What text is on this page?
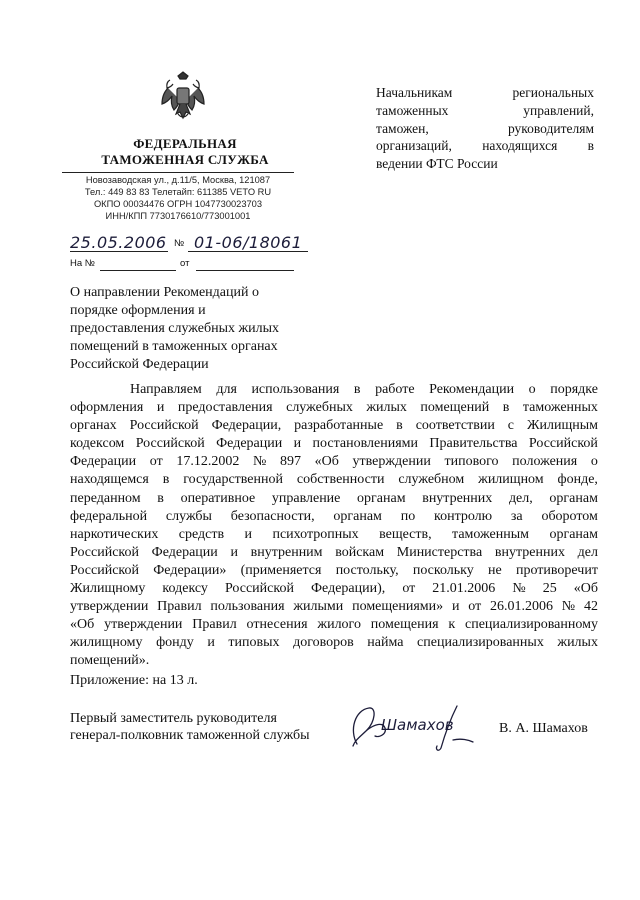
ФЕДЕРАЛЬНАЯ
ТАМОЖЕННАЯ СЛУЖБА
Новозаводская ул., д.11/5, Москва, 121087
Тел.: 449 83 83 Телетайп: 611385 VETO RU
ОКПО 00034476 ОГРН 1047730023703
ИНН/КПП 7730176610/773001001
25.05.2006 № 01-06/18061
На №	от
Начальникам	региональных
таможенных	управлений,
таможен,	руководителям
организаций, находящихся в
ведении ФТС России
О направлении Рекомендаций о
порядке оформления и
предоставления служебных жилых
помещений в таможенных органах
Российской Федерации
Направляем для использования в работе Рекомендации о порядке
оформления и предоставления служебных жилых помещений в таможенных
органах Российской Федерации, разработанные в соответствии с Жилищным
кодексом Российской Федерации и постановлениями Правительства Российской
Федерации от 17.12.2002 № 897 «Об утверждении типового положения о
находящемся в государственной собственности служебном жилищном фонде,
переданном в оперативное управление органам внутренних дел, органам
федеральной службы безопасности, органам по контролю за оборотом
наркотических средств и психотропных веществ, таможенным органам
Российской Федерации и внутренним войскам Министерства внутренних дел
Российской Федерации» (применяется постольку, поскольку не противоречит
Жилищному кодексу Российской Федерации), от 21.01.2006 № 25 «Об
утверждении Правил пользования жилыми помещениями» и от 26.01.2006 № 42
«Об утверждении Правил отнесения жилого помещения к специализированному
жилищному фонду и типовых договоров найма специализированных жилых
помещений».
Приложение: на 13 л.
Первый заместитель руководителя
генерал-полковник таможенной службы
Шамахов	В. А. Шамахов
